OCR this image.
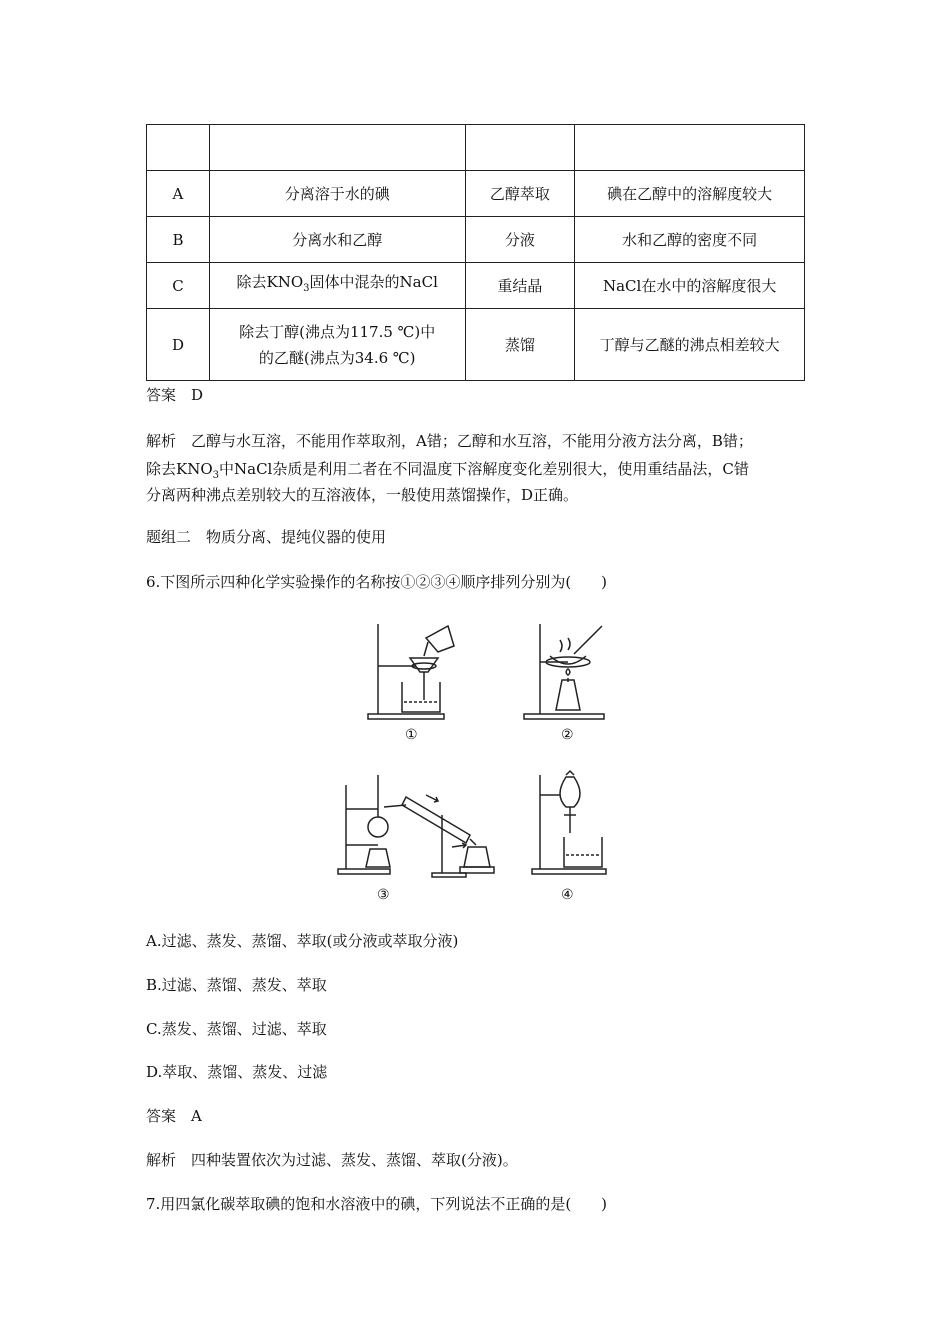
A	分离溶于水的碘	乙醇萃取	碘在乙醇中的溶解度较大
B	分离水和乙醇	分液	水和乙醇的密度不同
C	除去$KNO_3$固体中混杂的NaCl	重结晶	NaCl在水中的溶解度很大
D	除去丁醇(沸点为117.5 ℃)中
的乙醚(沸点为34.6 ℃)	蒸馏	丁醇与乙醚的沸点相差较大
答案　D
解析　乙醇与水互溶，不能用作萃取剂，A错；乙醇和水互溶，不能用分液方法分离，B错；
除去$KNO_3$中NaCl杂质是利用二者在不同温度下溶解度变化差别很大，使用重结晶法，C错
分离两种沸点差别较大的互溶液体，一般使用蒸馏操作，D正确。
题组二　物质分离、提纯仪器的使用
6.下图所示四种化学实验操作的名称按①②③④顺序排列分别为(　　)
①	②
③	④
A.过滤、蒸发、蒸馏、萃取(或分液或萃取分液)
B.过滤、蒸馏、蒸发、萃取
C.蒸发、蒸馏、过滤、萃取
D.萃取、蒸馏、蒸发、过滤
答案　A
解析　四种装置依次为过滤、蒸发、蒸馏、萃取(分液)。
7.用四氯化碳萃取碘的饱和水溶液中的碘，下列说法不正确的是(　　)
